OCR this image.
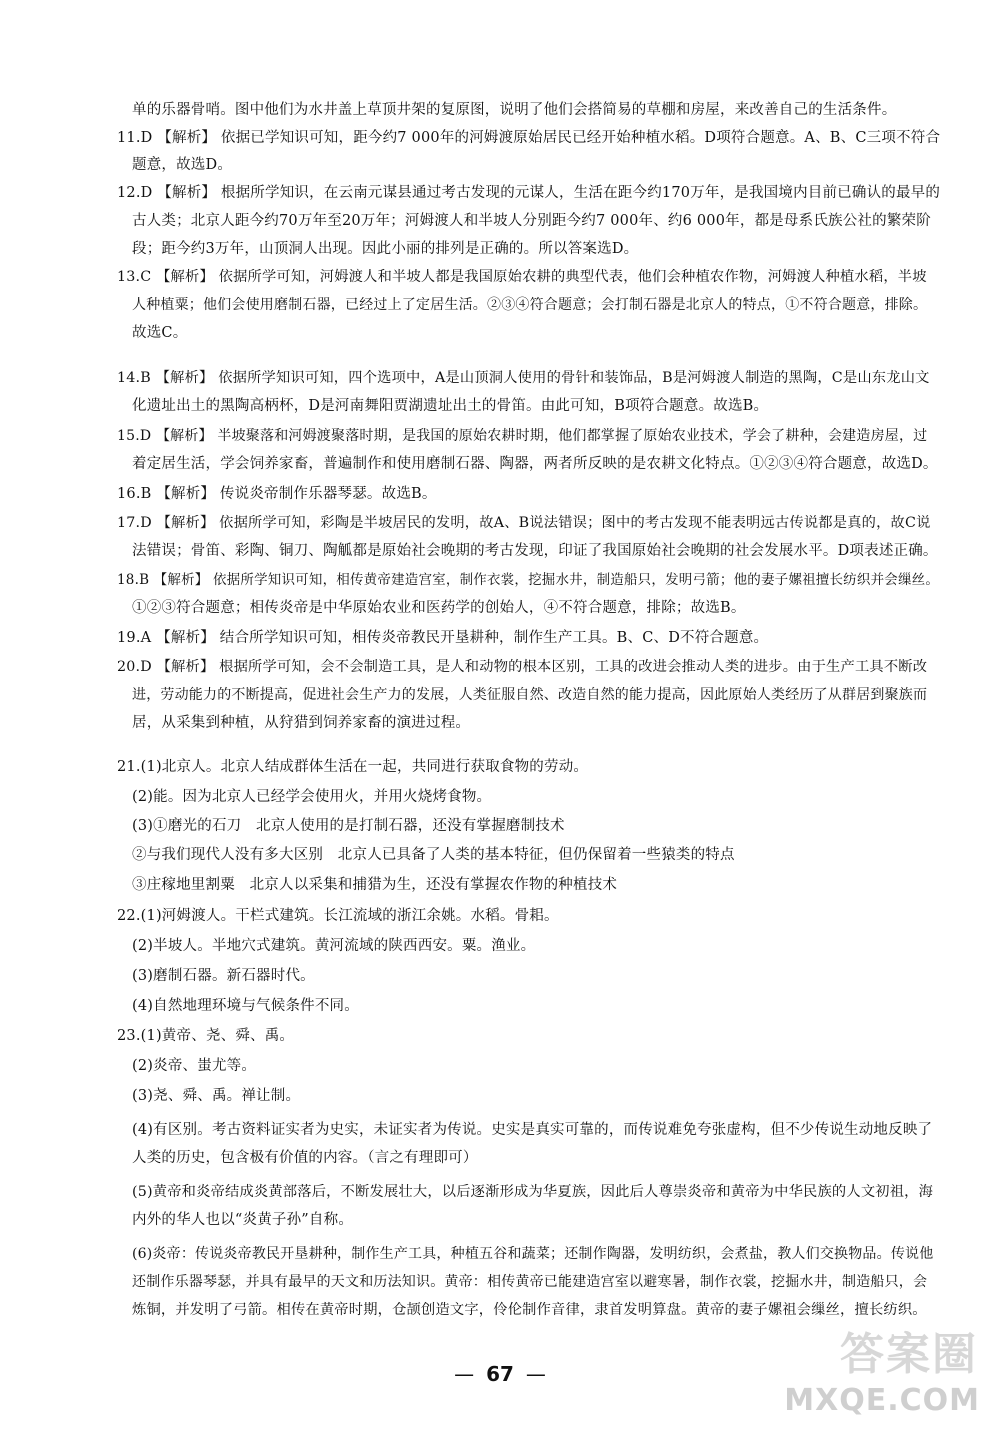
单的乐器骨哨。图中他们为水井盖上草顶井架的复原图，说明了他们会搭简易的草棚和房屋，来改善自己的生活条件。
11.D 【解析】 依据已学知识可知，距今约7 000年的河姆渡原始居民已经开始种植水稻。D项符合题意。A、B、C三项不符合
题意，故选D。
12.D 【解析】 根据所学知识，在云南元谋县通过考古发现的元谋人，生活在距今约170万年，是我国境内目前已确认的最早的
古人类；北京人距今约70万年至20万年；河姆渡人和半坡人分别距今约7 000年、约6 000年，都是母系氏族公社的繁荣阶
段；距今约3万年，山顶洞人出现。因此小丽的排列是正确的。所以答案选D。
13.C 【解析】 依据所学可知，河姆渡人和半坡人都是我国原始农耕的典型代表，他们会种植农作物，河姆渡人种植水稻，半坡
人种植粟；他们会使用磨制石器，已经过上了定居生活。②③④符合题意；会打制石器是北京人的特点，①不符合题意，排除。
故选C。
14.B 【解析】 依据所学知识可知，四个选项中，A是山顶洞人使用的骨针和装饰品，B是河姆渡人制造的黑陶，C是山东龙山文
化遗址出土的黑陶高柄杯，D是河南舞阳贾湖遗址出土的骨笛。由此可知，B项符合题意。故选B。
15.D 【解析】 半坡聚落和河姆渡聚落时期，是我国的原始农耕时期，他们都掌握了原始农业技术，学会了耕种，会建造房屋，过
着定居生活，学会饲养家畜，普遍制作和使用磨制石器、陶器，两者所反映的是农耕文化特点。①②③④符合题意，故选D。
16.B 【解析】 传说炎帝制作乐器琴瑟。故选B。
17.D 【解析】 依据所学可知，彩陶是半坡居民的发明，故A、B说法错误；图中的考古发现不能表明远古传说都是真的，故C说
法错误；骨笛、彩陶、铜刀、陶觚都是原始社会晚期的考古发现，印证了我国原始社会晚期的社会发展水平。D项表述正确。
18.B 【解析】 依据所学知识可知，相传黄帝建造宫室，制作衣裳，挖掘水井，制造船只，发明弓箭；他的妻子嫘祖擅长纺织并会缫丝。
①②③符合题意；相传炎帝是中华原始农业和医药学的创始人，④不符合题意，排除；故选B。
19.A 【解析】 结合所学知识可知，相传炎帝教民开垦耕种，制作生产工具。B、C、D不符合题意。
20.D 【解析】 根据所学可知，会不会制造工具，是人和动物的根本区别，工具的改进会推动人类的进步。由于生产工具不断改
进，劳动能力的不断提高，促进社会生产力的发展，人类征服自然、改造自然的能力提高，因此原始人类经历了从群居到聚族而
居，从采集到种植，从狩猎到饲养家畜的演进过程。
21.(1)北京人。北京人结成群体生活在一起，共同进行获取食物的劳动。
(2)能。因为北京人已经学会使用火，并用火烧烤食物。
(3)①磨光的石刀　北京人使用的是打制石器，还没有掌握磨制技术
②与我们现代人没有多大区别　北京人已具备了人类的基本特征，但仍保留着一些猿类的特点
③庄稼地里割粟　北京人以采集和捕猎为生，还没有掌握农作物的种植技术
22.(1)河姆渡人。干栏式建筑。长江流域的浙江余姚。水稻。骨耜。
(2)半坡人。半地穴式建筑。黄河流域的陕西西安。粟。渔业。
(3)磨制石器。新石器时代。
(4)自然地理环境与气候条件不同。
23.(1)黄帝、尧、舜、禹。
(2)炎帝、蚩尤等。
(3)尧、舜、禹。禅让制。
(4)有区别。考古资料证实者为史实，未证实者为传说。史实是真实可靠的，而传说难免夸张虚构，但不少传说生动地反映了
人类的历史，包含极有价值的内容。（言之有理即可）
(5)黄帝和炎帝结成炎黄部落后，不断发展壮大，以后逐渐形成为华夏族，因此后人尊崇炎帝和黄帝为中华民族的人文初祖，海
内外的华人也以“炎黄子孙”自称。
(6)炎帝：传说炎帝教民开垦耕种，制作生产工具，种植五谷和蔬菜；还制作陶器，发明纺织，会煮盐，教人们交换物品。传说他
还制作乐器琴瑟，并具有最早的天文和历法知识。黄帝：相传黄帝已能建造宫室以避寒暑，制作衣裳，挖掘水井，制造船只，会
炼铜，并发明了弓箭。相传在黄帝时期，仓颉创造文字，伶伦制作音律，隶首发明算盘。黄帝的妻子嫘祖会缫丝，擅长纺织。
— 67 —	答案圈
MXQE.COM
